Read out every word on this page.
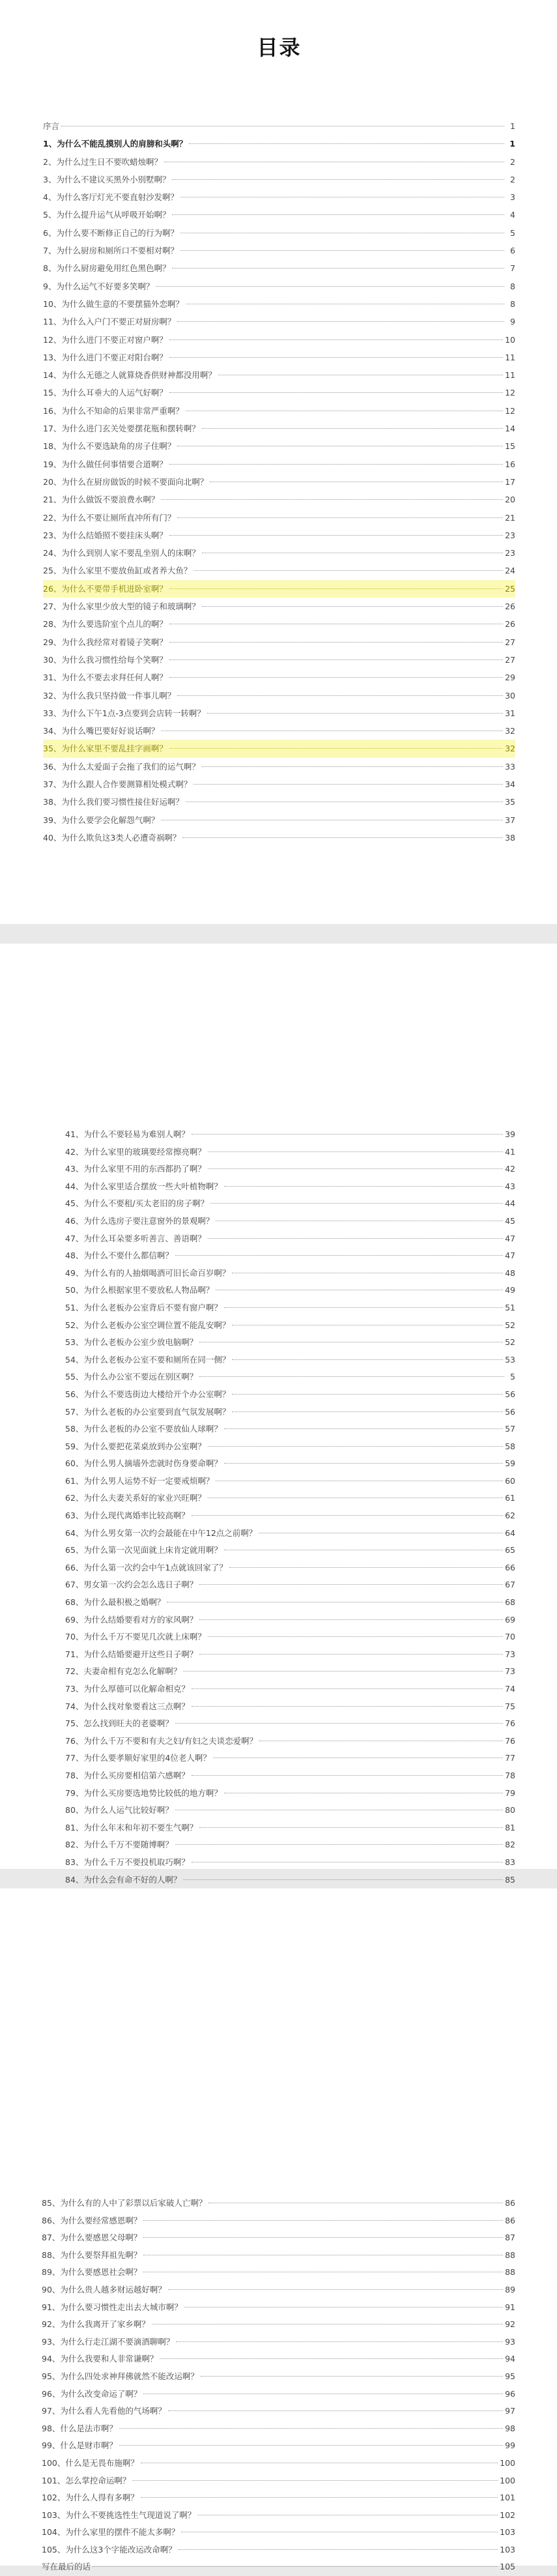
目录
序言	1
1、为什么不能乱摸别人的肩膀和头啊？	1
2、为什么过生日不要吹蜡烛啊？	2
3、为什么不建议买黑外小别墅啊？	2
4、为什么客厅灯光不要直射沙发啊？	3
5、为什么提升运气从呼吸开始啊？	4
6、为什么要不断修正自己的行为啊？	5
7、为什么厨房和厕所口不要相对啊？	6
8、为什么厨房避免用红色黑色啊？	7
9、为什么运气不好要多笑啊？	8
10、为什么做生意的不要摆猫外恋啊？	8
11、为什么入户门不要正对厨房啊？	9
12、为什么进门不要正对窗户啊？	10
13、为什么进门不要正对阳台啊？	11
14、为什么无德之人就算烧香供财神都没用啊？	11
15、为什么耳垂大的人运气好啊？	12
16、为什么不知命的后果非常严重啊？	12
17、为什么进门玄关处要摆花瓶和摆转啊？	14
18、为什么不要选缺角的房子住啊？	15
19、为什么做任何事情要合道啊？	16
20、为什么在厨房做饭的时候不要面向北啊？	17
21、为什么做饭不要浪费水啊？	20
22、为什么不要让厕所直冲所有门？	21
23、为什么结婚照不要挂床头啊？	23
24、为什么到别人家不要乱坐别人的床啊？	23
25、为什么家里不要放鱼缸或者养大鱼？	24
26、为什么不要带手机进卧室啊？	25
27、为什么家里少放大型的镜子和玻璃啊？	26
28、为什么要选阶室个点儿的啊？	26
29、为什么我经常对着镜子笑啊？	27
30、为什么我习惯性给每个笑啊？	27
31、为什么不要去求拜任何人啊？	29
32、为什么我只坚持做一件事儿啊？	30
33、为什么下午1点-3点要到会店转一转啊？	31
34、为什么嘴巴要好好说话啊？	32
35、为什么家里不要乱挂字画啊？	32
36、为什么太爱面子会拖了我们的运气啊？	33
37、为什么跟人合作要测算相处模式啊？	34
38、为什么我们要习惯性接住好运啊？	35
39、为什么要学会化解怨气啊？	37
40、为什么欺负这3类人必遭奇祸啊？	38
41、为什么不要轻易为难别人啊？	39
42、为什么家里的玻璃要经常擦亮啊？	41
43、为什么家里不用的东西都扔了啊？	42
44、为什么家里适合摆放一些大叶植物啊？	43
45、为什么不要租/买太老旧的房子啊？	44
46、为什么选房子要注意窗外的景观啊？	45
47、为什么耳朵要多听善言、善语啊？	47
48、为什么不要什么都信啊？	47
49、为什么有的人抽烟喝酒可旧长命百岁啊？	48
50、为什么根据家里不要放私人物品啊？	49
51、为什么老板办公室背后不要有窗户啊？	51
52、为什么老板办公室空调位置不能乱安啊？	52
53、为什么老板办公室少放电脑啊？	52
54、为什么老板办公室不要和厕所在同一侧？	53
55、为什么办公室不要远在别区啊？	5
56、为什么不要选街边大楼给开个办公室啊？	56
57、为什么老板的办公室要到直气氛发展啊？	56
58、为什么老板的办公室不要放仙人球啊？	57
59、为什么要把花菜桌放到办公室啊？	58
60、为什么男人摘墙外恋就时伤身要命啊？	59
61、为什么男人运势不好一定要戒烦啊？	60
62、为什么夫妻关系好的家业兴旺啊？	61
63、为什么现代离婚率比较高啊？	62
64、为什么男女第一次约会最能在中午12点之前啊？	64
65、为什么第一次见面就上床肯定就用啊？	65
66、为什么第一次约会中午1点就该回家了？	66
67、男女第一次约会怎么选日子啊？	67
68、为什么最积极之婚啊？	68
69、为什么结婚要看对方的家风啊？	69
70、为什么千万不要见几次就上床啊？	70
71、为什么结婚要避开这些日子啊？	73
72、夫妻命相有克怎么化解啊？	73
73、为什么厚德可以化解命相克？	74
74、为什么找对象要看这三点啊？	75
75、怎么找到旺夫的老婆啊？	76
76、为什么千万不要和有夫之妇/有妇之夫谈恋爱啊？	76
77、为什么要孝顺好家里的4位老人啊？	77
78、为什么买房要相信第六感啊？	78
79、为什么买房要选地势比较低的地方啊？	79
80、为什么人运气比较好啊？	80
81、为什么年末和年初不要生气啊？	81
82、为什么千万不要随博啊？	82
83、为什么千万不要投机取巧啊？	83
84、为什么会有命不好的人啊？	85
85、为什么有的人中了彩票以后家破人亡啊？	86
86、为什么要经常感恩啊？	86
87、为什么要感恩父母啊？	87
88、为什么要祭拜祖先啊？	88
89、为什么要感恩社会啊？	88
90、为什么贵人越多财运越好啊？	89
91、为什么要习惯性走出去大城市啊？	91
92、为什么我离开了家乡啊？	92
93、为什么行走江湖不要滴酒聊啊？	93
94、为什么我要和人非常谦啊？	94
95、为什么四处求神拜佛就然不能改运啊？	95
96、为什么改变命运了啊？	96
97、为什么看人先看他的气场啊？	97
98、什么是法市啊？	98
99、什么是财市啊？	99
100、什么是无畏布施啊？	100
101、怎么掌控命运啊？	100
102、为什么人得有多啊？	101
103、为什么不要挑选性生气现道说了啊？	102
104、为什么家里的摆件不能太多啊？	103
105、为什么这3个字能改运改命啊？	103
写在最后的话	105
